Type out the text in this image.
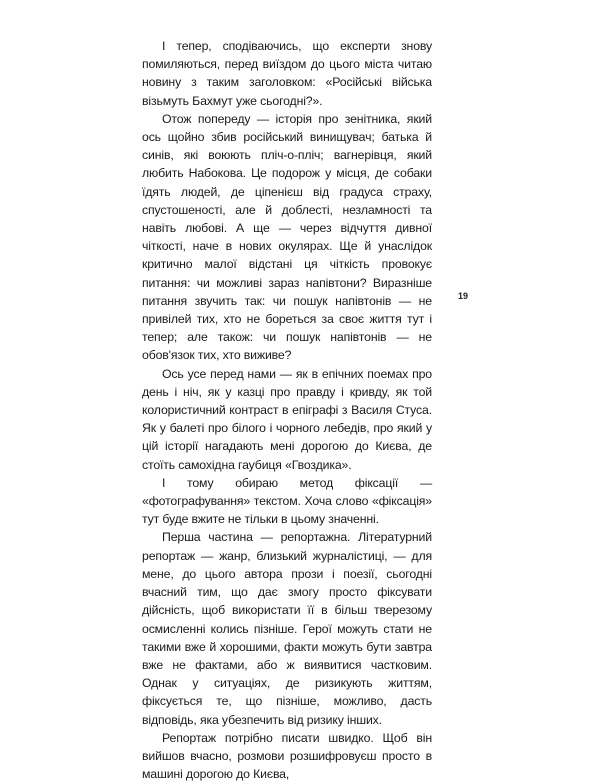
І тепер, сподіваючись, що експерти знову помиляються, перед виїздом до цього міста читаю новину з таким заголовком: «Російські війська візьмуть Бахмут уже сьогодні?».

Отож попереду — історія про зенітника, який ось щойно збив російський винищувач; батька й синів, які воюють пліч-о-пліч; вагнерівця, який любить Набокова. Це подорож у місця, де собаки їдять людей, де ціпенієш від градуса страху, спустошеності, але й доблесті, незламності та навіть любові. А ще — через відчуття дивної чіткості, наче в нових окулярах. Ще й унаслідок критично малої відстані ця чіткість провокує питання: чи можливі зараз напівтони? Виразніше питання звучить так: чи пошук напівтонів — не привілей тих, хто не бореться за своє життя тут і тепер; але також: чи пошук напівтонів — не обов'язок тих, хто виживе?

Ось усе перед нами — як в епічних поемах про день і ніч, як у казці про правду і кривду, як той колористичний контраст в епіграфі з Василя Стуса. Як у балеті про білого і чорного лебедів, про який у цій історії нагадають мені дорогою до Києва, де стоїть самохідна гаубиця «Гвоздика».

І тому обираю метод фіксації — «фотографування» текстом. Хоча слово «фіксація» тут буде вжите не тільки в цьому значенні.

Перша частина — репортажна. Літературний репортаж — жанр, близький журналістиці, — для мене, до цього автора прози і поезії, сьогодні вчасний тим, що дає змогу просто фіксувати дійсність, щоб використати її в більш тверезому осмисленні колись пізніше. Герої можуть стати не такими вже й хорошими, факти можуть бути завтра вже не фактами, або ж виявитися частковим. Однак у ситуаціях, де ризикують життям, фіксується те, що пізніше, можливо, дасть відповідь, яка убезпечить від ризику інших.

Репортаж потрібно писати швидко. Щоб він вийшов вчасно, розмови розшифровуєш просто в машині дорогою до Києва,

19
